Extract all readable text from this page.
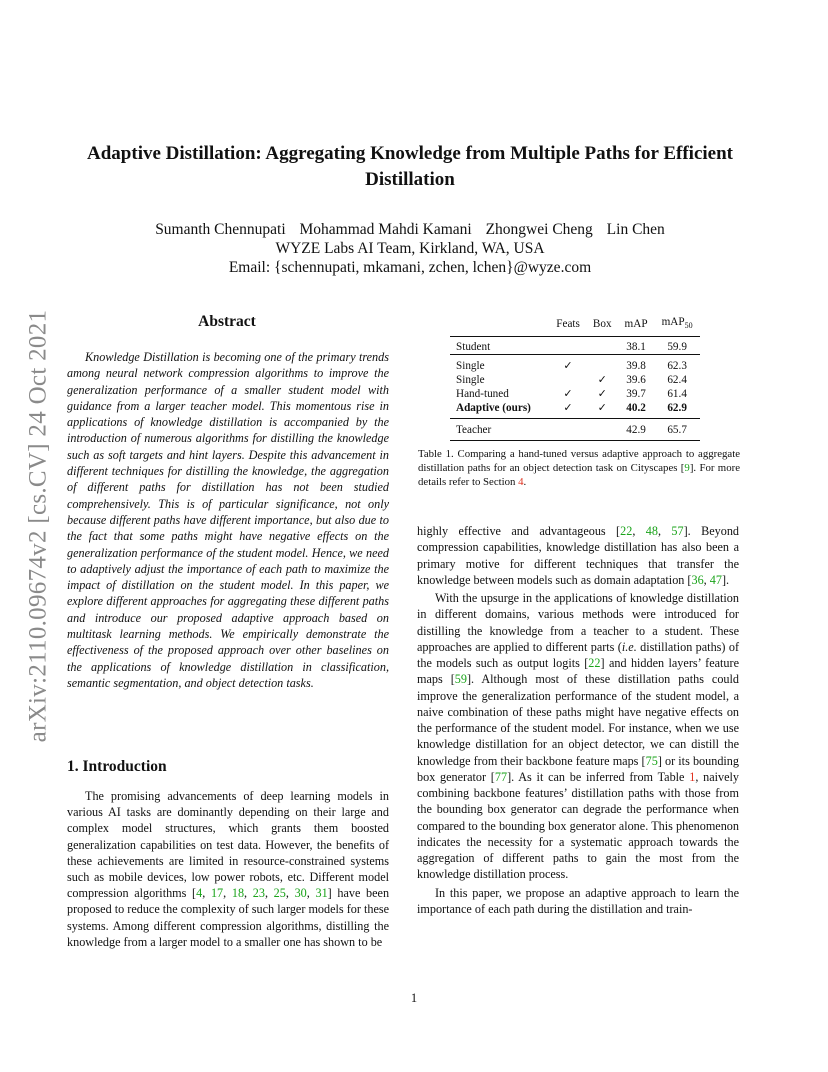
arXiv:2110.09674v2 [cs.CV] 24 Oct 2021
Adaptive Distillation: Aggregating Knowledge from Multiple Paths for Efficient
Distillation
Sumanth Chennupati Mohammad Mahdi Kamani Zhongwei Cheng Lin Chen
WYZE Labs AI Team, Kirkland, WA, USA
Email: {schennupati, mkamani, zchen, lchen}@wyze.com
Abstract

Knowledge Distillation is becoming one of the primary trends among neural network compression algorithms to improve the generalization performance of a smaller student model with guidance from a larger teacher model. This momentous rise in applications of knowledge distillation is accompanied by the introduction of numerous algorithms for distilling the knowledge such as soft targets and hint layers. Despite this advancement in different techniques for distilling the knowledge, the aggregation of different paths for distillation has not been studied comprehensively. This is of particular significance, not only because different paths have different importance, but also due to the fact that some paths might have negative effects on the generalization performance of the student model. Hence, we need to adaptively adjust the importance of each path to maximize the impact of distillation on the student model. In this paper, we explore different approaches for aggregating these different paths and introduce our proposed adaptive approach based on multitask learning methods. We empirically demonstrate the effectiveness of the proposed approach over other baselines on the applications of knowledge distillation in classification, semantic segmentation, and object detection tasks.

1. Introduction

The promising advancements of deep learning models in various AI tasks are dominantly depending on their large and complex model structures, which grants them boosted generalization capabilities on test data. However, the benefits of these achievements are limited in resource-constrained systems such as mobile devices, low power robots, etc. Different model compression algorithms [4, 17, 18, 23, 25, 30, 31] have been proposed to reduce the complexity of such larger models for these systems. Among different compression algorithms, distilling the knowledge from a larger model to a smaller one has shown to be

	Feats	Box	mAP	mAP$_{50}$
Student			38.1	59.9
Single	✓		39.8	62.3
Single		✓	39.6	62.4
Hand-tuned	✓	✓	39.7	61.4
Adaptive (ours)	✓	✓	40.2	62.9
Teacher			42.9	65.7

Table 1. Comparing a hand-tuned versus adaptive approach to aggregate distillation paths for an object detection task on Cityscapes [9]. For more details refer to Section 4.

highly effective and advantageous [22, 48, 57]. Beyond compression capabilities, knowledge distillation has also been a primary motive for different techniques that transfer the knowledge between models such as domain adaptation [36, 47].

With the upsurge in the applications of knowledge distillation in different domains, various methods were introduced for distilling the knowledge from a teacher to a student. These approaches are applied to different parts (i.e. distillation paths) of the models such as output logits [22] and hidden layers’ feature maps [59]. Although most of these distillation paths could improve the generalization performance of the student model, a naive combination of these paths might have negative effects on the performance of the student model. For instance, when we use knowledge distillation for an object detector, we can distill the knowledge from their backbone feature maps [75] or its bounding box generator [77]. As it can be inferred from Table 1, naively combining backbone features’ distillation paths with those from the bounding box generator can degrade the performance when compared to the bounding box generator alone. This phenomenon indicates the necessity for a systematic approach towards the aggregation of different paths to gain the most from the knowledge distillation process.

In this paper, we propose an adaptive approach to learn the importance of each path during the distillation and train-

1
